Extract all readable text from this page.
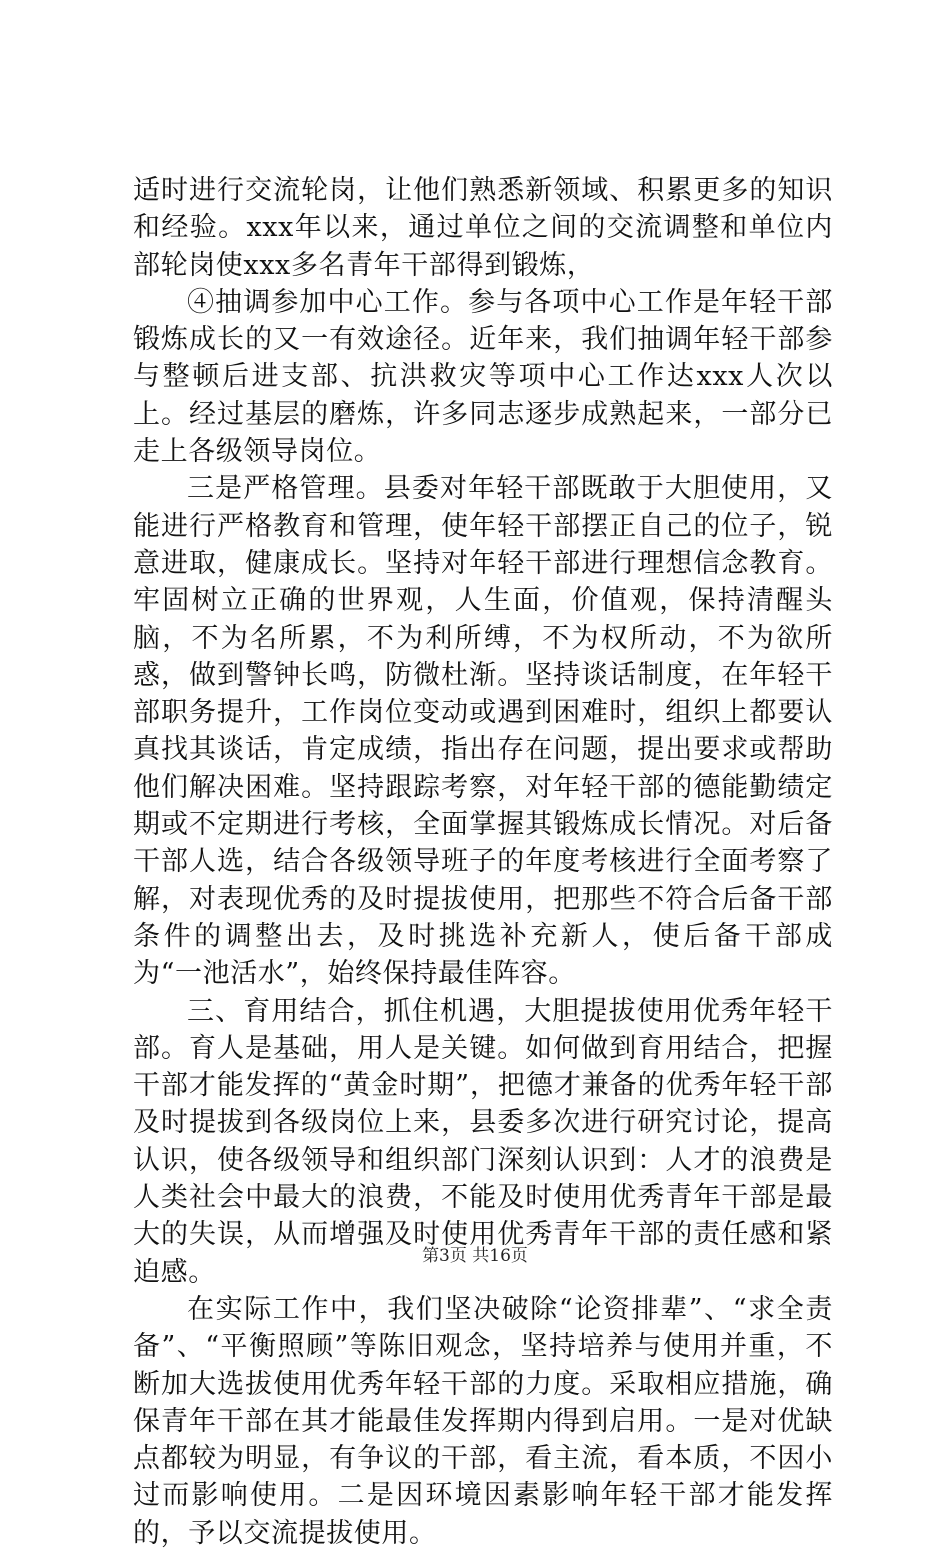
适时进行交流轮岗，让他们熟悉新领域、积累更多的知识和经验。xxx年以来，通过单位之间的交流调整和单位内部轮岗使xxx多名青年干部得到锻炼，

④抽调参加中心工作。参与各项中心工作是年轻干部锻炼成长的又一有效途径。近年来，我们抽调年轻干部参与整顿后进支部、抗洪救灾等项中心工作达xxx人次以上。经过基层的磨炼，许多同志逐步成熟起来，一部分已走上各级领导岗位。

三是严格管理。县委对年轻干部既敢于大胆使用，又能进行严格教育和管理，使年轻干部摆正自己的位子，锐意进取，健康成长。坚持对年轻干部进行理想信念教育。牢固树立正确的世界观，人生面，价值观，保持清醒头脑，不为名所累，不为利所缚，不为权所动，不为欲所惑，做到警钟长鸣，防微杜渐。坚持谈话制度，在年轻干部职务提升，工作岗位变动或遇到困难时，组织上都要认真找其谈话，肯定成绩，指出存在问题，提出要求或帮助他们解决困难。坚持跟踪考察，对年轻干部的德能勤绩定期或不定期进行考核，全面掌握其锻炼成长情况。对后备干部人选，结合各级领导班子的年度考核进行全面考察了解，对表现优秀的及时提拔使用，把那些不符合后备干部条件的调整出去，及时挑选补充新人，使后备干部成为“一池活水”，始终保持最佳阵容。

三、育用结合，抓住机遇，大胆提拔使用优秀年轻干部。育人是基础，用人是关键。如何做到育用结合，把握干部才能发挥的“黄金时期”，把德才兼备的优秀年轻干部及时提拔到各级岗位上来，县委多次进行研究讨论，提高认识，使各级领导和组织部门深刻认识到：人才的浪费是人类社会中最大的浪费，不能及时使用优秀青年干部是最大的失误，从而增强及时使用优秀青年干部的责任感和紧迫感。

在实际工作中，我们坚决破除“论资排辈”、“求全责备”、“平衡照顾”等陈旧观念，坚持培养与使用并重，不断加大选拔使用优秀年轻干部的力度。采取相应措施，确保青年干部在其才能最佳发挥期内得到启用。一是对优缺点都较为明显，有争议的干部，看主流，看本质，不因小过而影响使用。二是因环境因素影响年轻干部才能发挥的，予以交流提拔使用。

第3页 共16页
